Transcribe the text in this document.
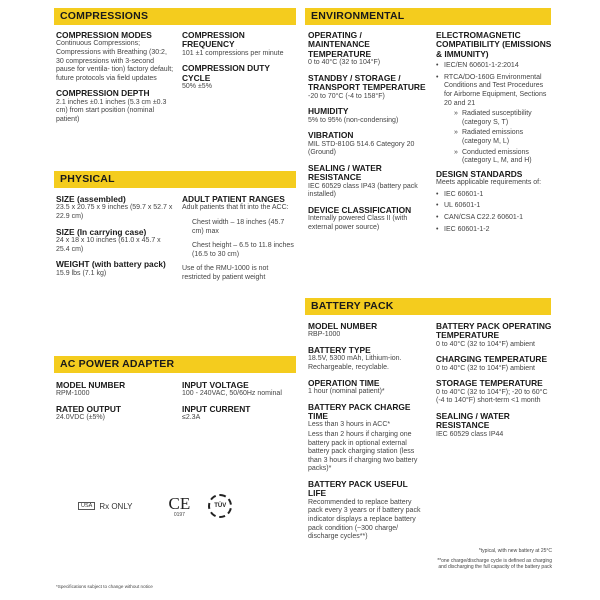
COMPRESSIONS
COMPRESSION MODES
Continuous Compressions; Compressions with Breathing (30:2, 30 compressions with 3-second pause for ventila- tion) factory default; future protocols via field updates
COMPRESSION DEPTH
2.1 inches ±0.1 inches (5.3 cm ±0.3 cm) from start position (nominal patient)
COMPRESSION FREQUENCY
101 ±1 compressions per minute
COMPRESSION DUTY CYCLE
50% ±5%
PHYSICAL
SIZE (assembled)
23.5 x 20.75 x 9 inches (59.7 x 52.7 x 22.9 cm)
SIZE (In carrying case)
24 x 18 x 10 inches (61.0 x 45.7 x 25.4 cm)
WEIGHT (with battery pack)
15.9 lbs (7.1 kg)
ADULT PATIENT RANGES
Adult patients that fit into the ACC:
Chest width – 18 inches (45.7 cm) max
Chest height – 6.5 to 11.8 inches (16.5 to 30 cm)
Use of the RMU-1000 is not restricted by patient weight
AC POWER ADAPTER
MODEL NUMBER
RPM-1000
RATED OUTPUT
24.0VDC (±5%)
INPUT VOLTAGE
100 - 240VAC, 50/60Hz nominal
INPUT CURRENT
≤2.3A
USA Rx ONLY CE
0197
TÜV
*Specifications subject to change without notice
ENVIRONMENTAL
OPERATING / MAINTENANCE TEMPERATURE
0 to 40°C (32 to 104°F)
STANDBY / STORAGE / TRANSPORT TEMPERATURE
-20 to 70°C (-4 to 158°F)
HUMIDITY
5% to 95% (non-condensing)
VIBRATION
MIL STD-810G 514.6 Category 20 (Ground)
SEALING / WATER RESISTANCE
IEC 60529 class IP43 (battery pack installed)
DEVICE CLASSIFICATION
Internally powered Class II (with external power source)
ELECTROMAGNETIC COMPATIBILITY (EMISSIONS & IMMUNITY)
• IEC/EN 60601-1-2:2014
• RTCA/DO-160G Environmental Conditions and Test Procedures for Airborne Equipment, Sections 20 and 21
» Radiated susceptibility (category S, T)
» Radiated emissions (category M, L)
» Conducted emissions (category L, M, and H)
DESIGN STANDARDS
Meets applicable requirements of:
• IEC 60601-1
• UL 60601-1
• CAN/CSA C22.2 60601-1
• IEC 60601-1-2
BATTERY PACK
MODEL NUMBER
RBP-1000
BATTERY TYPE
18.5V, 5300 mAh, Lithium-ion. Rechargeable, recyclable.
OPERATION TIME
1 hour (nominal patient)*
BATTERY PACK CHARGE TIME
Less than 3 hours in ACC*
Less than 2 hours if charging one battery pack in optional external battery pack charging station (less than 3 hours if charging two battery packs)*
BATTERY PACK USEFUL LIFE
Recommended to replace battery pack every 3 years or if battery pack indicator displays a replace battery pack condition (~300 charge/ discharge cycles**)
BATTERY PACK OPERATING TEMPERATURE
0 to 40°C (32 to 104°F) ambient
CHARGING TEMPERATURE
0 to 40°C (32 to 104°F) ambient
STORAGE TEMPERATURE
0 to 40°C (32 to 104°F); -20 to 60°C (-4 to 140°F) short-term <1 month
SEALING / WATER RESISTANCE
IEC 60529 class IP44
*typical, with new battery at 25°C
**one charge/discharge cycle is defined as charging and discharging the full capacity of the battery pack
